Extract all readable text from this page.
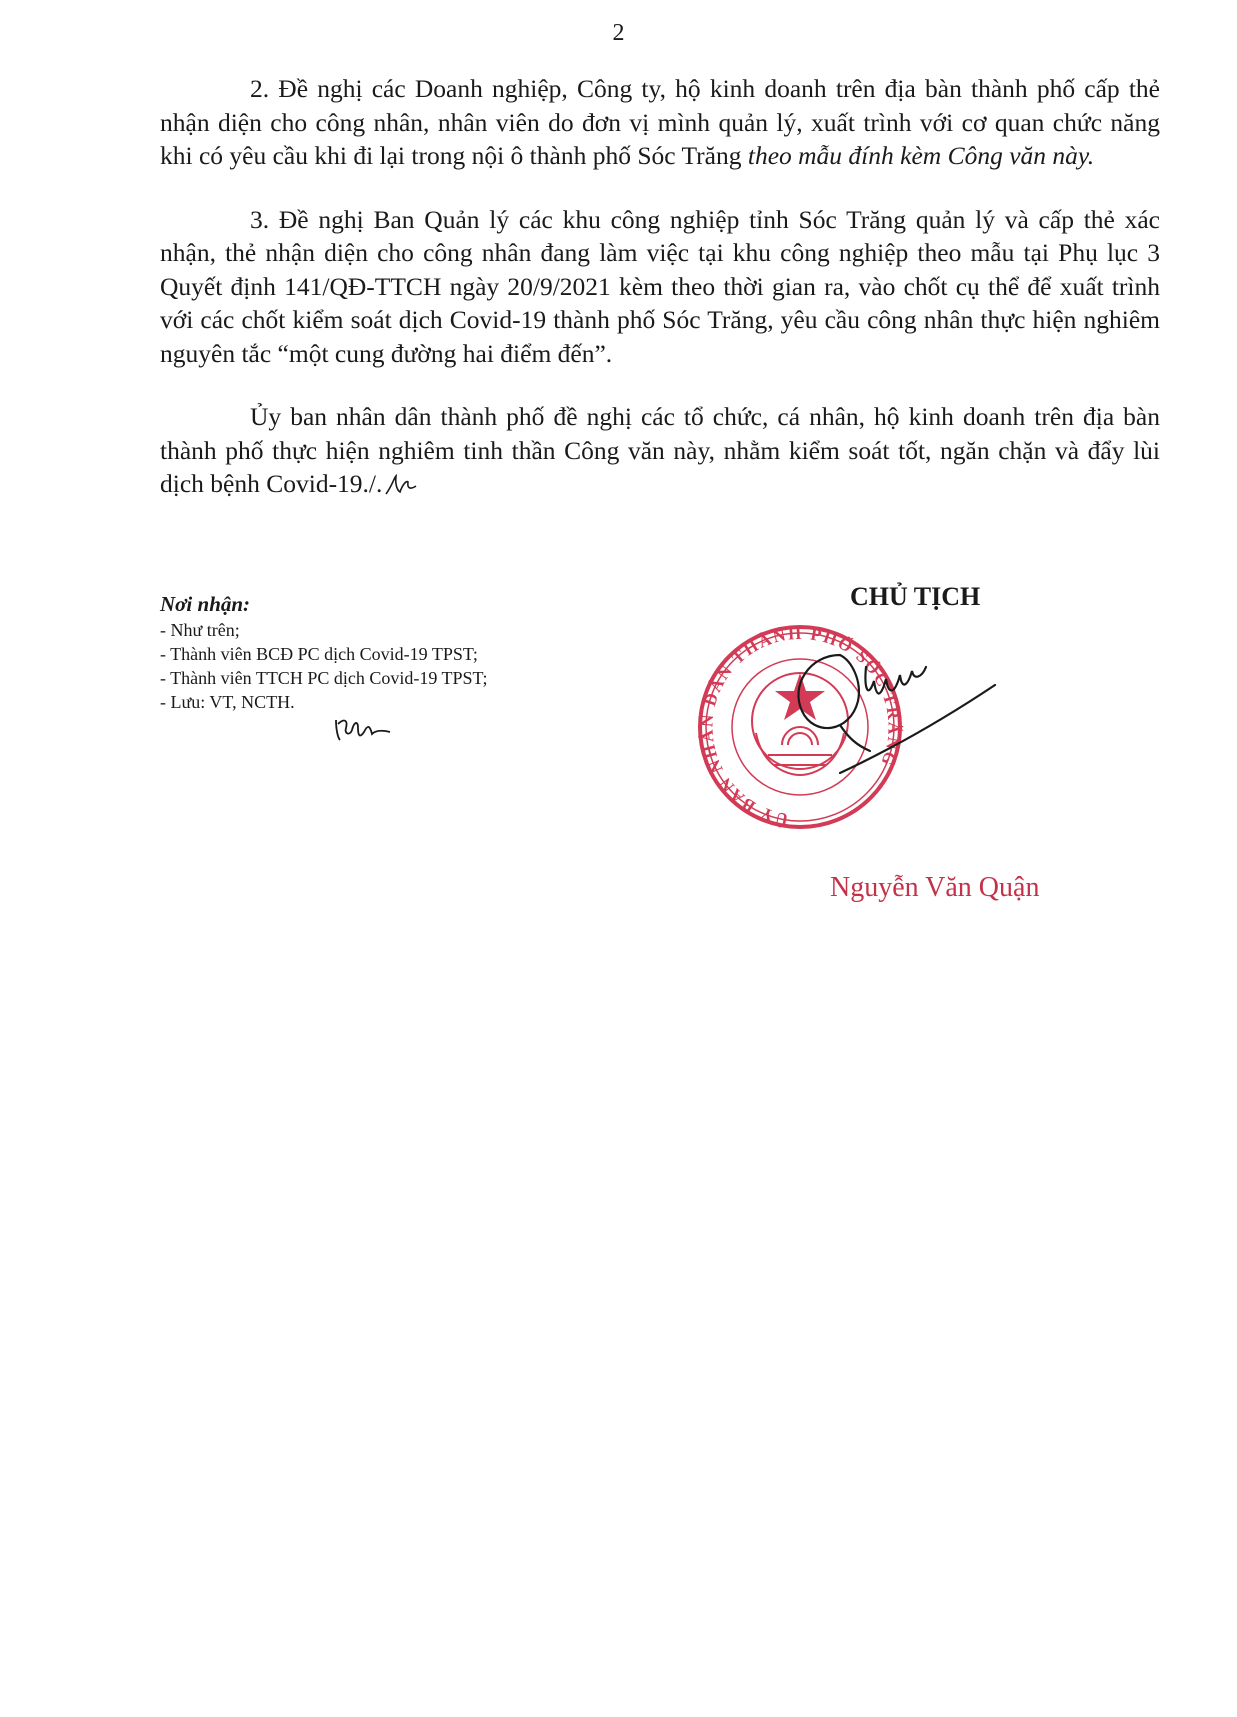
2

2. Đề nghị các Doanh nghiệp, Công ty, hộ kinh doanh trên địa bàn thành phố cấp thẻ nhận diện cho công nhân, nhân viên do đơn vị mình quản lý, xuất trình với cơ quan chức năng khi có yêu cầu khi đi lại trong nội ô thành phố Sóc Trăng theo mẫu đính kèm Công văn này.

3. Đề nghị Ban Quản lý các khu công nghiệp tỉnh Sóc Trăng quản lý và cấp thẻ xác nhận, thẻ nhận diện cho công nhân đang làm việc tại khu công nghiệp theo mẫu tại Phụ lục 3 Quyết định 141/QĐ-TTCH ngày 20/9/2021 kèm theo thời gian ra, vào chốt cụ thể để xuất trình với các chốt kiểm soát dịch Covid-19 thành phố Sóc Trăng, yêu cầu công nhân thực hiện nghiêm nguyên tắc “một cung đường hai điểm đến”.

Ủy ban nhân dân thành phố đề nghị các tổ chức, cá nhân, hộ kinh doanh trên địa bàn thành phố thực hiện nghiêm tinh thần Công văn này, nhằm kiểm soát tốt, ngăn chặn và đẩy lùi dịch bệnh Covid-19./.

Nơi nhận:

- Như trên;

- Thành viên BCĐ PC dịch Covid-19 TPST;

- Thành viên TTCH PC dịch Covid-19 TPST;

- Lưu: VT, NCTH.

CHỦ TỊCH
ỦY BAN NHÂN DÂN THÀNH PHỐ SÓC TRĂNG
Nguyễn Văn Quận
